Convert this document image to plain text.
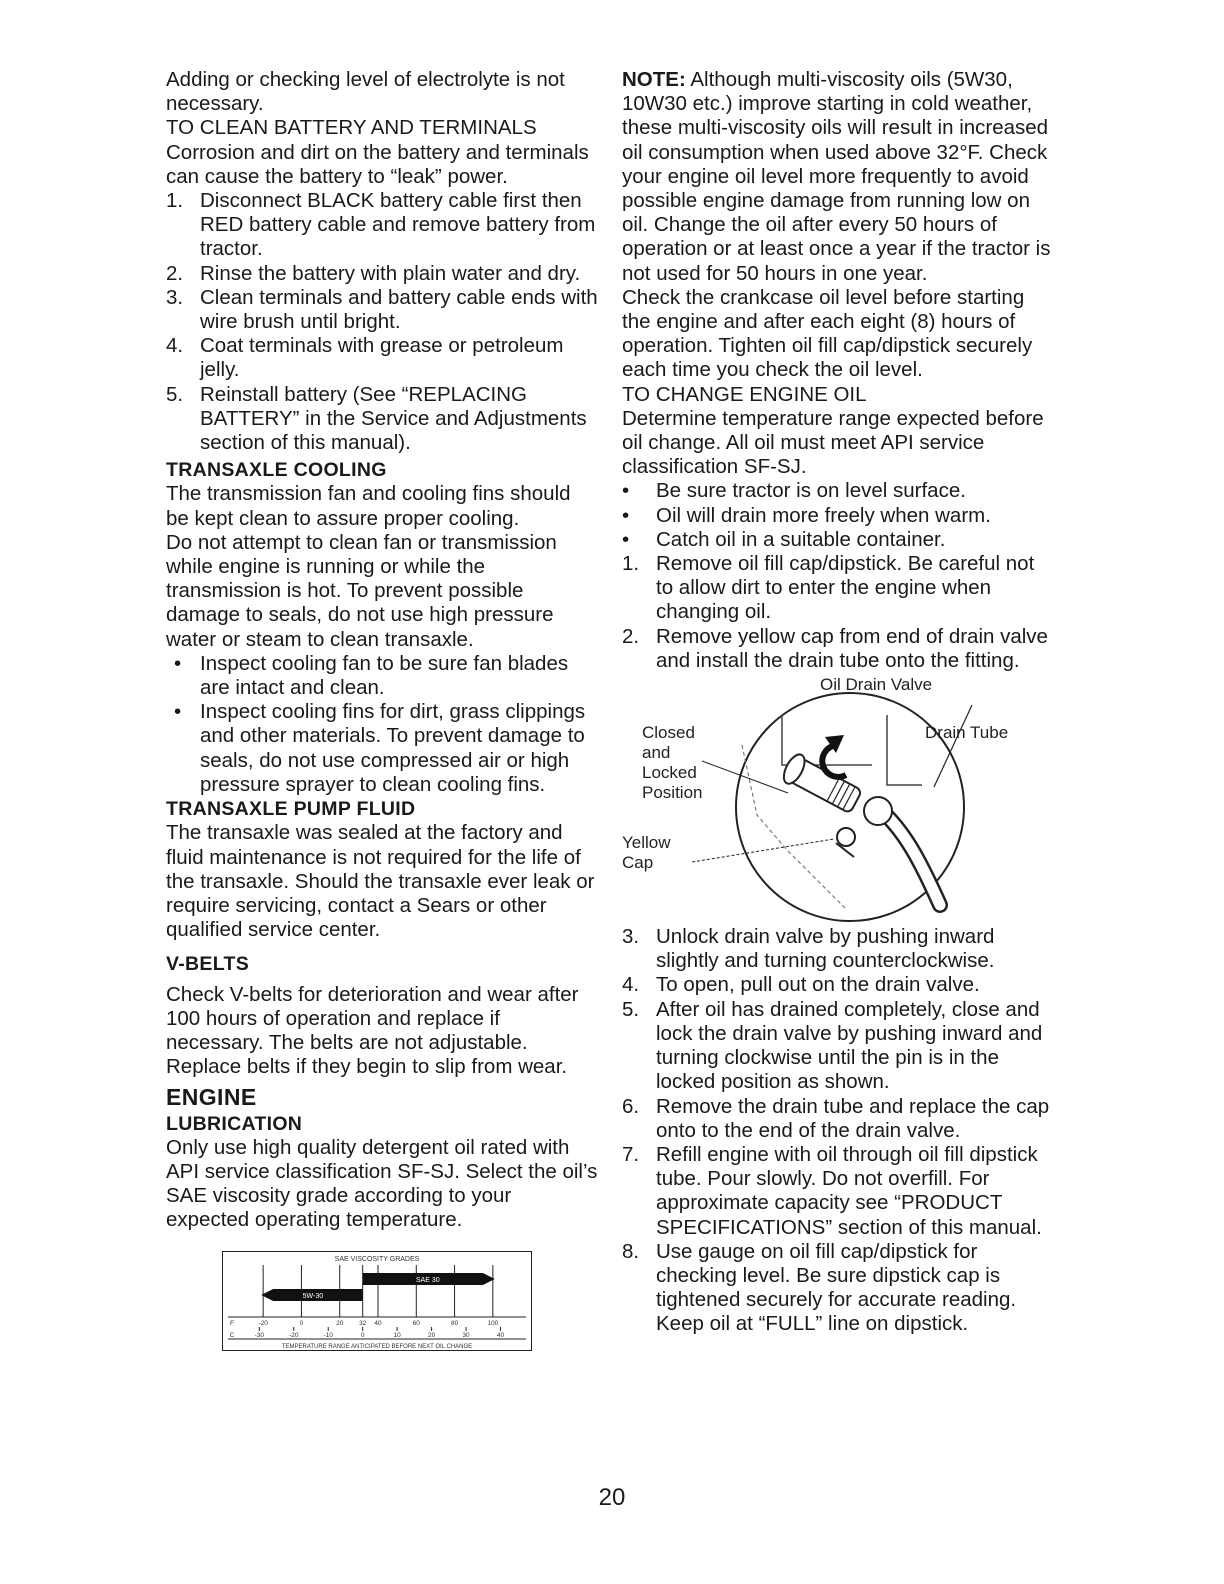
Adding or checking level of electrolyte is not necessary.

TO CLEAN BATTERY AND TERMINALS

Corrosion and dirt on the battery and terminals can cause the battery to “leak” power.

1. Disconnect BLACK battery cable first then RED battery cable and remove battery from tractor.
2. Rinse the battery with plain water and dry.
3. Clean terminals and battery cable ends with wire brush until bright.
4. Coat terminals with grease or petroleum jelly.
5. Reinstall battery (See “REPLACING BATTERY” in the Service and Adjustments section of this manual).
TRANSAXLE COOLING

The transmission fan and cooling fins should be kept clean to assure proper cooling.

Do not attempt to clean fan or transmission while engine is running or while the transmission is hot. To prevent possible damage to seals, do not use high pressure water or steam to clean transaxle.

• Inspect cooling fan to be sure fan blades are intact and clean.
• Inspect cooling fins for dirt, grass clippings and other materials. To prevent damage to seals, do not use compressed air or high pressure sprayer to clean cooling fins.
TRANSAXLE PUMP FLUID

The transaxle was sealed at the factory and fluid maintenance is not required for the life of the transaxle. Should the transaxle ever leak or require servicing, contact a Sears or other qualified service center.

V-BELTS

Check V-belts for deterioration and wear after 100 hours of operation and replace if necessary. The belts are not adjustable. Replace belts if they begin to slip from wear.

ENGINE
LUBRICATION

Only use high quality detergent oil rated with API service classification SF-SJ. Select the oil’s SAE viscosity grade according to your expected operating temperature.

SAE VISCOSITY GRADES
TEMPERATURE RANGE ANTICIPATED BEFORE NEXT OIL CHANGE
5W-30
SAE 30
F	-20	0	20 32 40	60	80	100
C	-30	-20	-10	0	10	20	30	40

NOTE: Although multi-viscosity oils (5W30, 10W30 etc.) improve starting in cold weather, these multi-viscosity oils will result in increased oil consumption when used above 32°F. Check your engine oil level more frequently to avoid possible engine damage from running low on oil. Change the oil after every 50 hours of operation or at least once a year if the tractor is not used for 50 hours in one year.

Check the crankcase oil level before starting the engine and after each eight (8) hours of operation. Tighten oil fill cap/dipstick securely each time you check the oil level.

TO CHANGE ENGINE OIL

Determine temperature range expected before oil change. All oil must meet API service classification SF-SJ.

• Be sure tractor is on level surface.
• Oil will drain more freely when warm.
• Catch oil in a suitable container.
1. Remove oil fill cap/dipstick. Be careful not to allow dirt to enter the engine when changing oil.
2. Remove yellow cap from end of drain valve and install the drain tube onto the fitting.
Oil Drain Valve
Closed and Locked Position
Drain Tube
Yellow Cap
3. Unlock drain valve by pushing inward slightly and turning counterclockwise.
4. To open, pull out on the drain valve.
5. After oil has drained completely, close and lock the drain valve by pushing inward and turning clockwise until the pin is in the locked position as shown.
6. Remove the drain tube and replace the cap onto to the end of the drain valve.
7. Refill engine with oil through oil fill dipstick tube. Pour slowly. Do not overfill. For approximate capacity see “PRODUCT SPECIFICATIONS” section of this manual.
8. Use gauge on oil fill cap/dipstick for checking level. Be sure dipstick cap is tightened securely for accurate reading. Keep oil at “FULL” line on dipstick.
20
